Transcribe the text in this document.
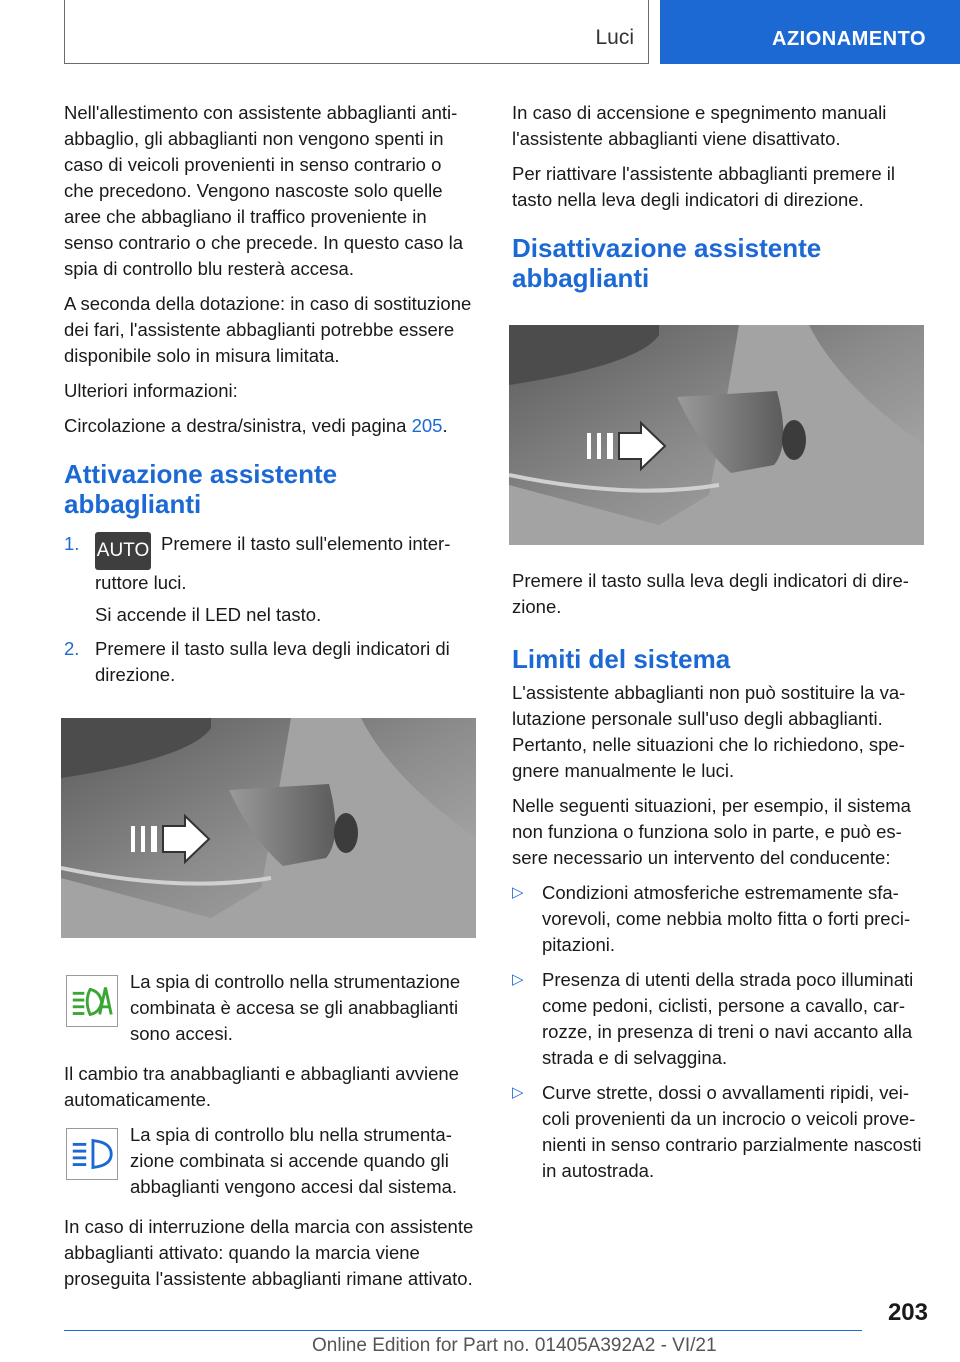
Luci	AZIONAMENTO

Nell'allestimento con assistente abbaglianti antiabbaglio, gli abbaglianti non vengono spenti in caso di veicoli provenienti in senso contrario o che precedono. Vengono nascoste solo quelle aree che abbagliano il traffico proveniente in senso contrario o che precede. In questo caso la spia di controllo blu resterà accesa.

A seconda della dotazione: in caso di sostituzione dei fari, l'assistente abbaglianti potrebbe essere disponibile solo in misura limitata.

Ulteriori informazioni:

Circolazione a destra/sinistra, vedi pagina 205.

Attivazione assistente abbaglianti
1. AUTO Premere il tasto sull'elemento interruttore luci.
Si accende il LED nel tasto.
2. Premere il tasto sulla leva degli indicatori di direzione.

La spia di controllo nella strumentazione combinata è accesa se gli anabbaglianti sono accesi.

Il cambio tra anabbaglianti e abbaglianti avviene automaticamente.

La spia di controllo blu nella strumentazione combinata si accende quando gli abbaglianti vengono accesi dal sistema.

In caso di interruzione della marcia con assistente abbaglianti attivato: quando la marcia viene proseguita l'assistente abbaglianti rimane attivato.

In caso di accensione e spegnimento manuali l'assistente abbaglianti viene disattivato.

Per riattivare l'assistente abbaglianti premere il tasto nella leva degli indicatori di direzione.

Disattivazione assistente abbaglianti

Premere il tasto sulla leva degli indicatori di direzione.

Limiti del sistema

L'assistente abbaglianti non può sostituire la valutazione personale sull'uso degli abbaglianti. Pertanto, nelle situazioni che lo richiedono, spegnere manualmente le luci.

Nelle seguenti situazioni, per esempio, il sistema non funziona o funziona solo in parte, e può essere necessario un intervento del conducente:

▷ Condizioni atmosferiche estremamente sfavorevoli, come nebbia molto fitta o forti precipitazioni.
▷ Presenza di utenti della strada poco illuminati come pedoni, ciclisti, persone a cavallo, carrozze, in presenza di treni o navi accanto alla strada e di selvaggina.
▷ Curve strette, dossi o avvallamenti ripidi, veicoli provenienti da un incrocio o veicoli provenienti in senso contrario parzialmente nascosti in autostrada.
203
Online Edition for Part no. 01405A392A2 - VI/21
